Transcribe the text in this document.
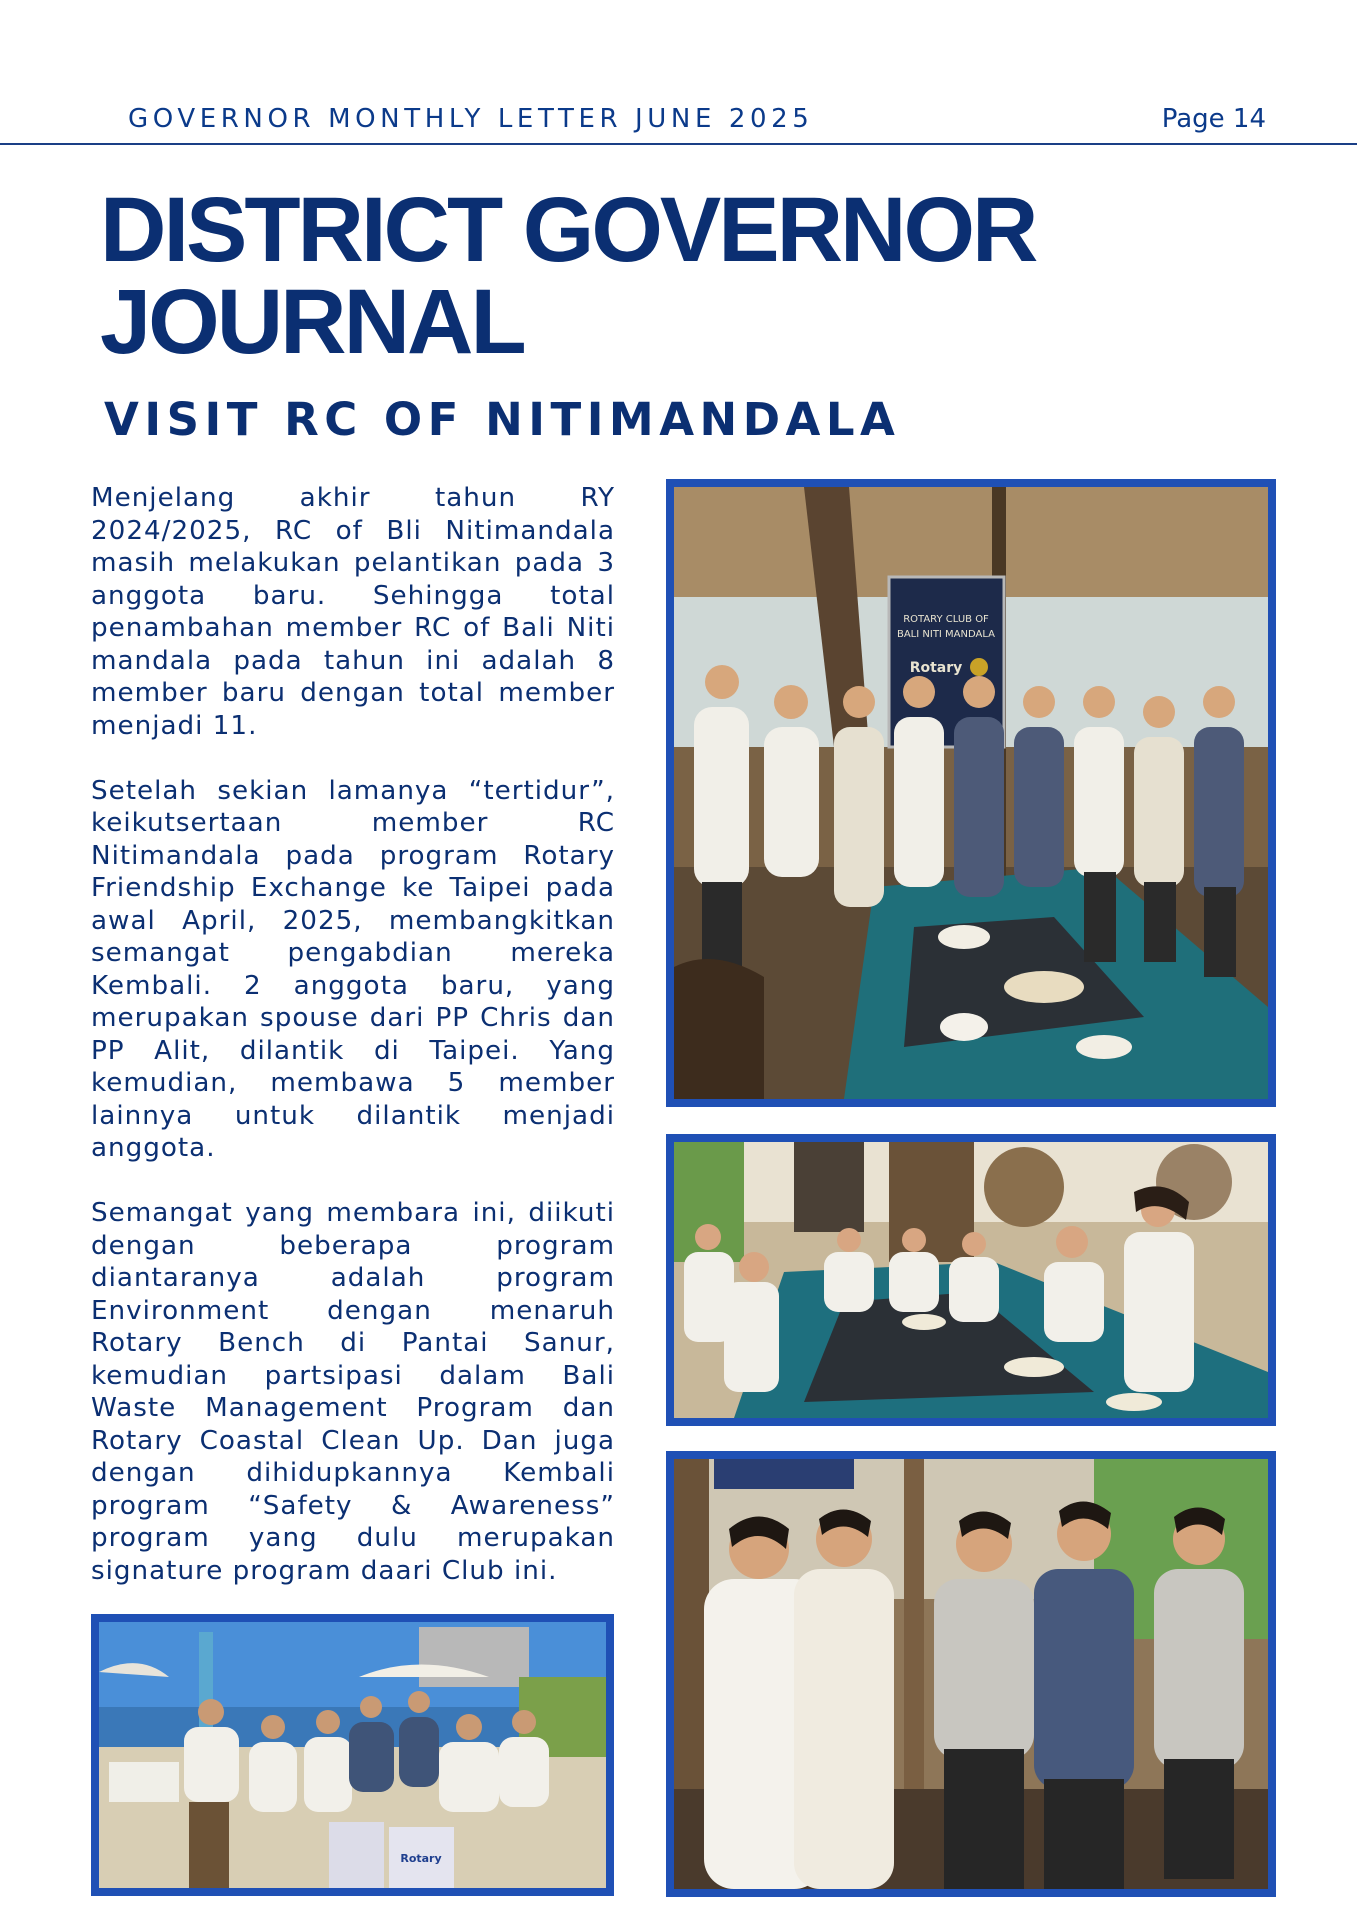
GOVERNOR MONTHLY LETTER JUNE 2025	Page 14
DISTRICT GOVERNOR
JOURNAL
VISIT RC OF NITIMANDALA

Menjelang akhir tahun RY 2024/2025, RC of Bli Nitimandala masih melakukan pelantikan pada 3 anggota baru. Sehingga total penambahan member RC of Bali Niti mandala pada tahun ini adalah 8 member baru dengan total member menjadi 11.

Setelah sekian lamanya “tertidur”, keikutsertaan member RC Nitimandala pada program Rotary Friendship Exchange ke Taipei pada awal April, 2025, membangkitkan semangat pengabdian mereka Kembali. 2 anggota baru, yang merupakan spouse dari PP Chris dan PP Alit, dilantik di Taipei. Yang kemudian, membawa 5 member lainnya untuk dilantik menjadi anggota.

Semangat yang membara ini, diikuti dengan beberapa program diantaranya adalah program Environment dengan menaruh Rotary Bench di Pantai Sanur, kemudian partsipasi dalam Bali Waste Management Program dan Rotary Coastal Clean Up. Dan juga dengan dihidupkannya Kembali program “Safety & Awareness” program yang dulu merupakan signature program daari Club ini.

ROTARY CLUB OF
BALI NITI MANDALA
Rotary
Rotary
